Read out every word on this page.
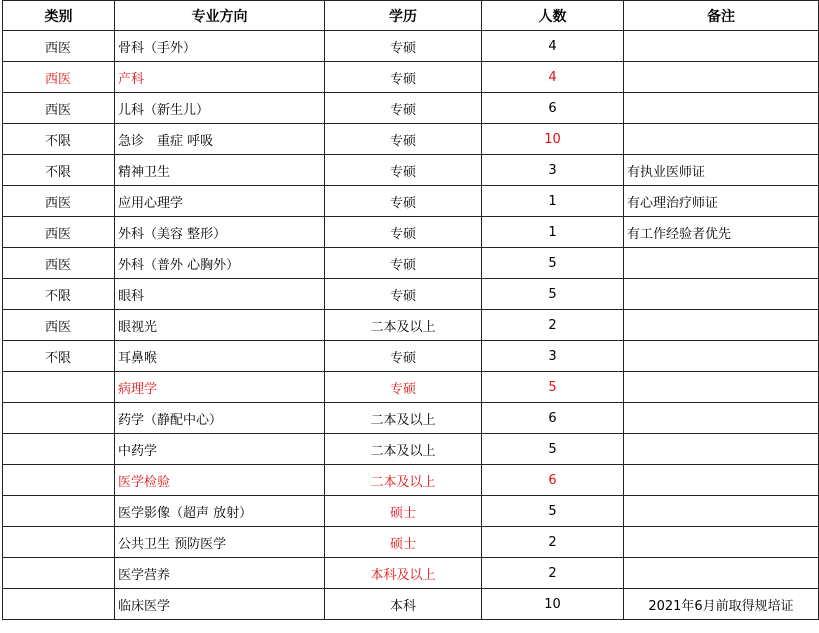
类别	专业方向	学历	人数	备注
西医	骨科（手外）	专硕	4	
西医	产科	专硕	4	
西医	儿科（新生儿）	专硕	6	
不限	急诊　重症 呼吸	专硕	10	
不限	精神卫生	专硕	3	有执业医师证
西医	应用心理学	专硕	1	有心理治疗师证
西医	外科（美容 整形）	专硕	1	有工作经验者优先
西医	外科（普外 心胸外）	专硕	5	
不限	眼科	专硕	5	
西医	眼视光	二本及以上	2	
不限	耳鼻喉	专硕	3	
	病理学	专硕	5	
	药学（静配中心）	二本及以上	6	
	中药学	二本及以上	5	
	医学检验	二本及以上	6	
	医学影像（超声 放射）	硕士	5	
	公共卫生 预防医学	硕士	2	
	医学营养	本科及以上	2	
	临床医学	本科	10	2021年6月前取得规培证
